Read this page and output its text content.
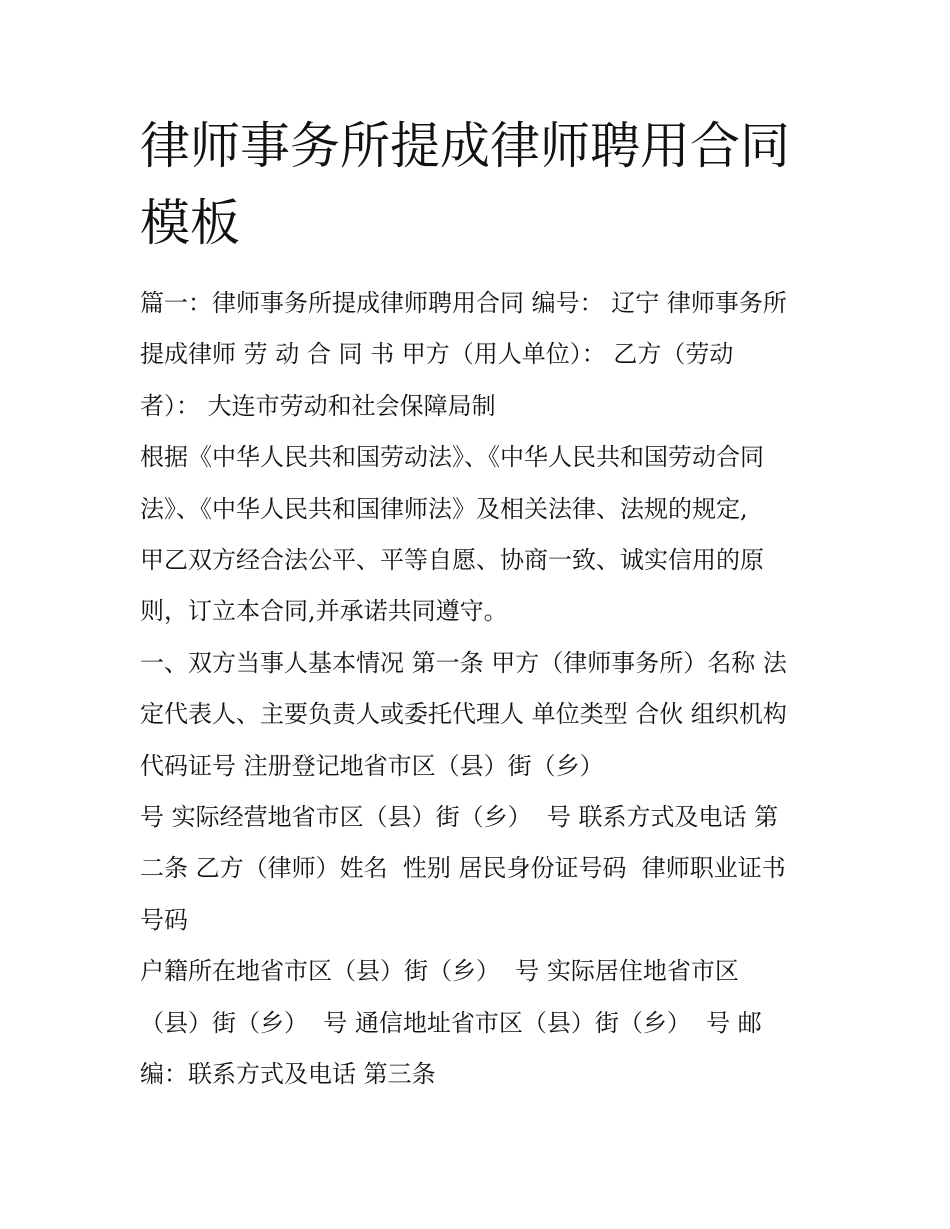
律师事务所提成律师聘用合同
模板
篇一：律师事务所提成律师聘用合同 编号： 辽宁 律师事务所
提成律师 劳 动 合 同 书 甲方（用人单位）： 乙方（劳动
者）： 大连市劳动和社会保障局制
根据《中华人民共和国劳动法》、《中华人民共和国劳动合同
法》、《中华人民共和国律师法》及相关法律、法规的规定,
甲乙双方经合法公平、平等自愿、协商一致、诚实信用的原
则，订立本合同,并承诺共同遵守。
一、双方当事人基本情况 第一条 甲方（律师事务所）名称 法
定代表人、主要负责人或委托代理人 单位类型 合伙 组织机构
代码证号 注册登记地省市区（县）街（乡）
号 实际经营地省市区（县）街（乡）  号 联系方式及电话 第
二条 乙方（律师）姓名  性别 居民身份证号码  律师职业证书
号码
户籍所在地省市区（县）街（乡）  号 实际居住地省市区
（县）街（乡）  号 通信地址省市区（县）街（乡）  号 邮
编：联系方式及电话 第三条
